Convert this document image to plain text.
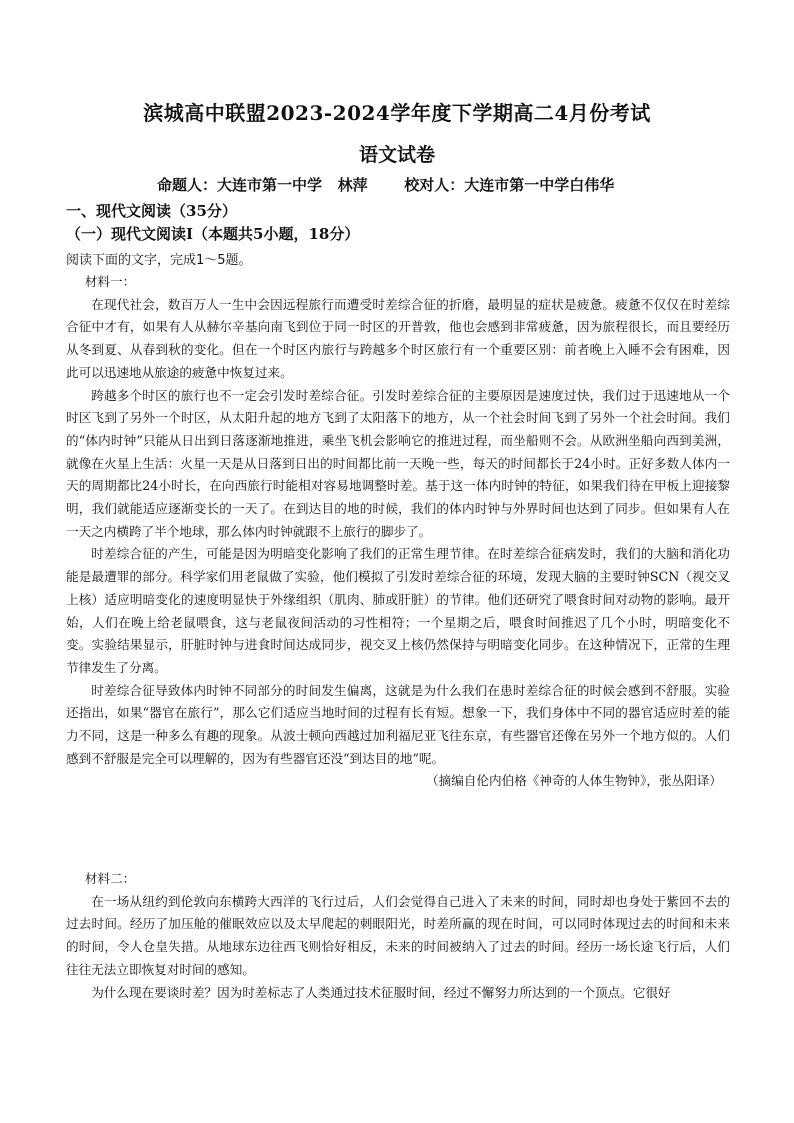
滨城高中联盟2023-2024学年度下学期高二4月份考试
语文试卷
命题人：大连市第一中学   林萍       校对人：大连市第一中学白伟华
一、现代文阅读（35分）
（一）现代文阅读Ⅰ（本题共5小题，18分）
阅读下面的文字，完成1～5题。

材料一：

在现代社会，数百万人一生中会因远程旅行而遭受时差综合征的折磨，最明显的症状是疲惫。疲惫不仅仅在时差综合征中才有，如果有人从赫尔辛基向南飞到位于同一时区的开普敦，他也会感到非常疲惫，因为旅程很长，而且要经历从冬到夏、从春到秋的变化。但在一个时区内旅行与跨越多个时区旅行有一个重要区别：前者晚上入睡不会有困难，因此可以迅速地从旅途的疲惫中恢复过来。

跨越多个时区的旅行也不一定会引发时差综合征。引发时差综合征的主要原因是速度过快，我们过于迅速地从一个时区飞到了另外一个时区，从太阳升起的地方飞到了太阳落下的地方，从一个社会时间飞到了另外一个社会时间。我们的“体内时钟”只能从日出到日落逐渐地推进，乘坐飞机会影响它的推进过程，而坐船则不会。从欧洲坐船向西到美洲，就像在火星上生活：火星一天是从日落到日出的时间都比前一天晚一些，每天的时间都长于24小时。正好多数人体内一天的周期都比24小时长，在向西旅行时能相对容易地调整时差。基于这一体内时钟的特征，如果我们待在甲板上迎接黎明，我们就能适应逐渐变长的一天了。在到达目的地的时候，我们的体内时钟与外界时间也达到了同步。但如果有人在一天之内横跨了半个地球，那么体内时钟就跟不上旅行的脚步了。

时差综合征的产生，可能是因为明暗变化影响了我们的正常生理节律。在时差综合征病发时，我们的大脑和消化功能是最遭罪的部分。科学家们用老鼠做了实验，他们模拟了引发时差综合征的环境，发现大脑的主要时钟SCN（视交叉上核）适应明暗变化的速度明显快于外缘组织（肌肉、肺或肝脏）的节律。他们还研究了喂食时间对动物的影响。最开始，人们在晚上给老鼠喂食，这与老鼠夜间活动的习性相符；一个星期之后，喂食时间推迟了几个小时，明暗变化不变。实验结果显示，肝脏时钟与进食时间达成同步，视交叉上核仍然保持与明暗变化同步。在这种情况下，正常的生理节律发生了分离。

时差综合征导致体内时钟不同部分的时间发生偏离，这就是为什么我们在患时差综合征的时候会感到不舒服。实验还指出，如果“器官在旅行”，那么它们适应当地时间的过程有长有短。想象一下，我们身体中不同的器官适应时差的能力不同，这是一种多么有趣的现象。从波士顿向西越过加利福尼亚飞往东京，有些器官还像在另外一个地方似的。人们感到不舒服是完全可以理解的，因为有些器官还没“到达目的地”呢。

（摘编自伦内伯格《神奇的人体生物钟》，张丛阳译）

材料二：

在一场从纽约到伦敦向东横跨大西洋的飞行过后，人们会觉得自己进入了未来的时间，同时却也身处于紫回不去的过去时间。经历了加压舱的催眠效应以及太早爬起的刺眼阳光，时差所赢的现在时间，可以同时体现过去的时间和未来的时间，令人仓皇失措。从地球东边往西飞则恰好相反，未来的时间被纳入了过去的时间。经历一场长途飞行后，人们往往无法立即恢复对时间的感知。

为什么现在要谈时差？因为时差标志了人类通过技术征服时间，经过不懈努力所达到的一个顶点。它很好
